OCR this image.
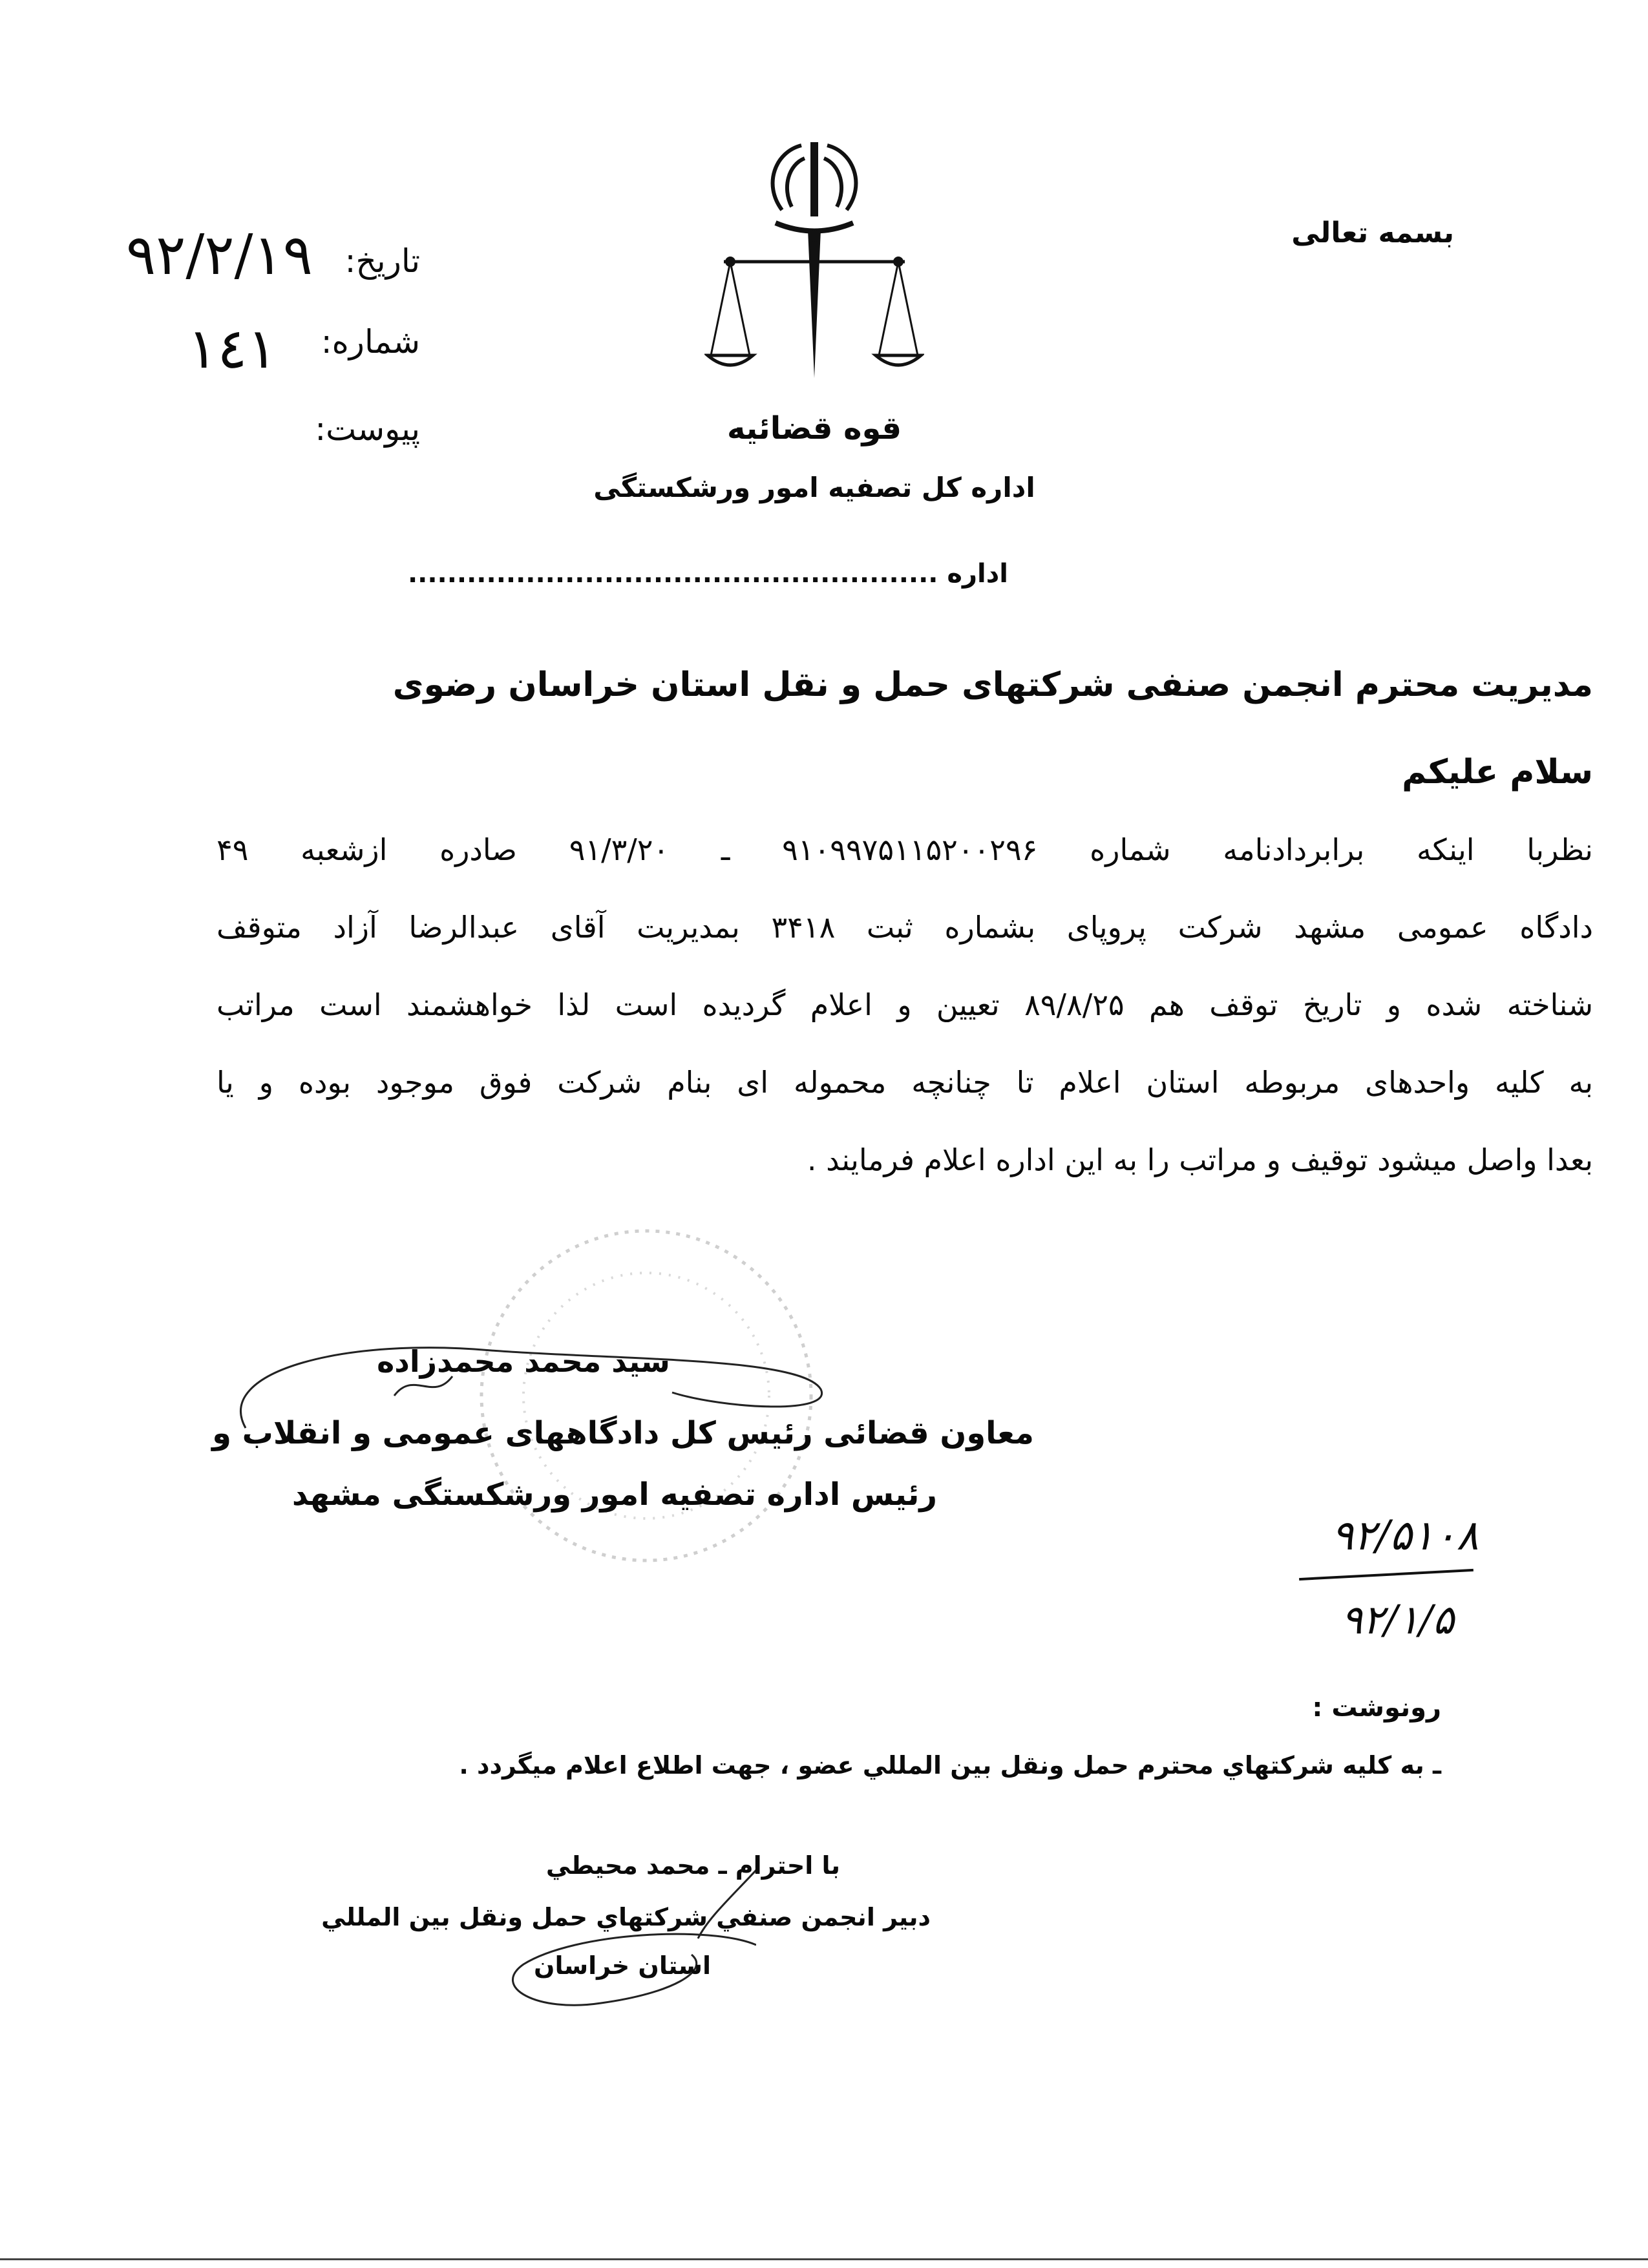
بسمه تعالی
قوه قضائیه
اداره کل تصفیه امور ورشکستگی
اداره ......................................................
تاریخ:
۹۲/۲/۱۹
شماره:
۱٤۱
پیوست:
مدیریت محترم انجمن صنفی شرکتهای حمل و نقل استان خراسان رضوی
سلام علیکم
نظربا اینکه برابردادنامه شماره ۹۱۰۹۹۷۵۱۱۵۲۰۰۲۹۶ ـ ۹۱/۳/۲۰ صادره ازشعبه ۴۹
دادگاه عمومی مشهد شرکت پروپای بشماره ثبت ۳۴۱۸ بمدیریت آقای عبدالرضا آزاد متوقف
شناخته شده و تاریخ توقف هم ۸۹/۸/۲۵ تعیین و اعلام گردیده است لذا خواهشمند است مراتب
به کلیه واحدهای مربوطه استان اعلام تا چنانچه محموله ای بنام شرکت فوق موجود بوده و یا
بعدا واصل میشود توقیف و مراتب را به این اداره اعلام فرمایند .
سید محمد محمدزاده
معاون قضائی رئیس کل دادگاههای عمومی و انقلاب و
رئیس اداره تصفیه امور ورشکستگی مشهد
۹۲/۵۱۰۸
۹۲/۱/۵
رونوشت :
ـ به کلیه شرکتهاي محترم حمل ونقل بین المللي عضو ، جهت اطلاع اعلام میگردد .
با احترام ـ محمد محیطي
دبیر انجمن صنفي شرکتهاي حمل ونقل بین المللي
استان خراسان
